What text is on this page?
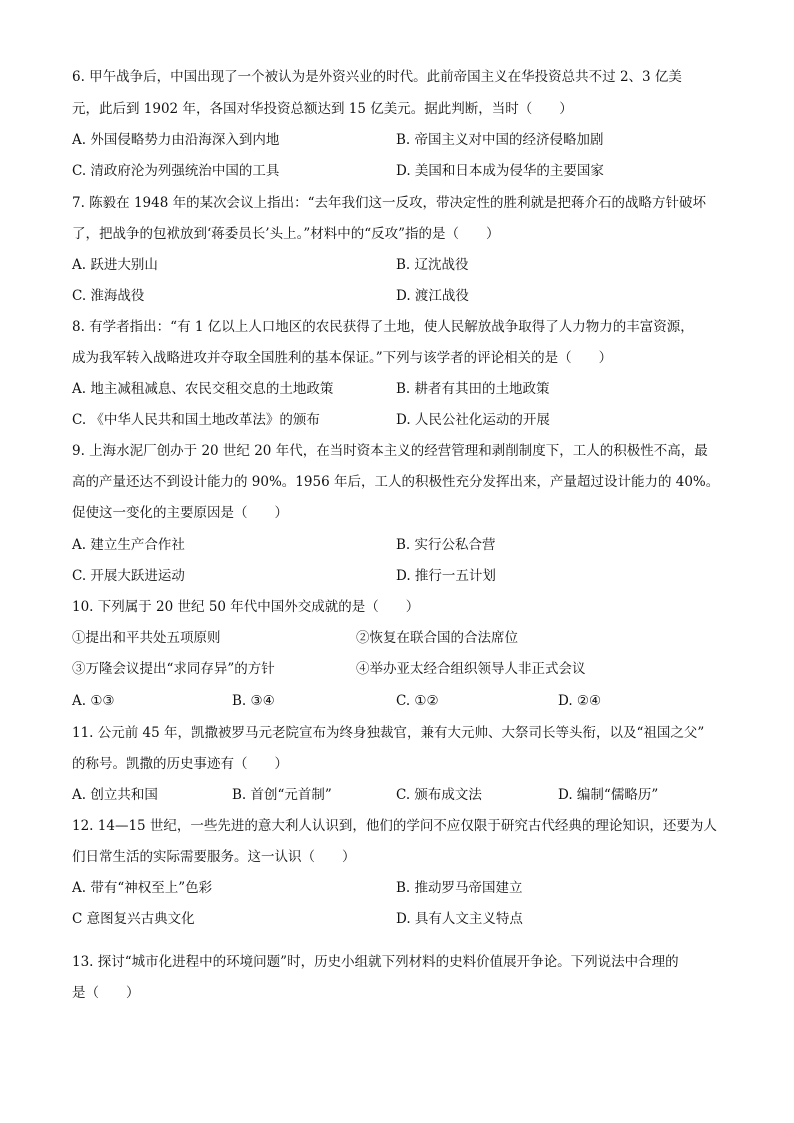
6. 甲午战争后，中国出现了一个被认为是外资兴业的时代。此前帝国主义在华投资总共不过 2、3 亿美
元，此后到 1902 年，各国对华投资总额达到 15 亿美元。据此判断，当时（　　）
A. 外国侵略势力由沿海深入到内地	B. 帝国主义对中国的经济侵略加剧
C. 清政府沦为列强统治中国的工具	D. 美国和日本成为侵华的主要国家
7. 陈毅在 1948 年的某次会议上指出：“去年我们这一反攻，带决定性的胜利就是把蒋介石的战略方针破坏
了，把战争的包袱放到‘蒋委员长’头上。”材料中的“反攻”指的是（　　）
A. 跃进大别山	B. 辽沈战役
C. 淮海战役	D. 渡江战役
8. 有学者指出：“有 1 亿以上人口地区的农民获得了土地，使人民解放战争取得了人力物力的丰富资源，
成为我军转入战略进攻并夺取全国胜利的基本保证。”下列与该学者的评论相关的是（　　）
A. 地主减租减息、农民交租交息的土地政策	B. 耕者有其田的土地政策
C. 《中华人民共和国土地改革法》的颁布	D. 人民公社化运动的开展
9. 上海水泥厂创办于 20 世纪 20 年代，在当时资本主义的经营管理和剥削制度下，工人的积极性不高，最
高的产量还达不到设计能力的 90%。1956 年后，工人的积极性充分发挥出来，产量超过设计能力的 40%。
促使这一变化的主要原因是（　　）
A. 建立生产合作社	B. 实行公私合营
C. 开展大跃进运动	D. 推行一五计划
10. 下列属于 20 世纪 50 年代中国外交成就的是（　　）
①提出和平共处五项原则	②恢复在联合国的合法席位
③万隆会议提出“求同存异”的方针	④举办亚太经合组织领导人非正式会议
A. ①③	B. ③④	C. ①②	D. ②④
11. 公元前 45 年，凯撒被罗马元老院宣布为终身独裁官，兼有大元帅、大祭司长等头衔，以及“祖国之父”
的称号。凯撒的历史事迹有（　　）
A. 创立共和国	B. 首创“元首制”	C. 颁布成文法	D. 编制“儒略历”
12. 14—15 世纪，一些先进的意大利人认识到，他们的学问不应仅限于研究古代经典的理论知识，还要为人
们日常生活的实际需要服务。这一认识（　　）
A. 带有“神权至上”色彩	B. 推动罗马帝国建立
C 意图复兴古典文化	D. 具有人文主义特点
13. 探讨“城市化进程中的环境问题”时，历史小组就下列材料的史料价值展开争论。下列说法中合理的
是（　　）
